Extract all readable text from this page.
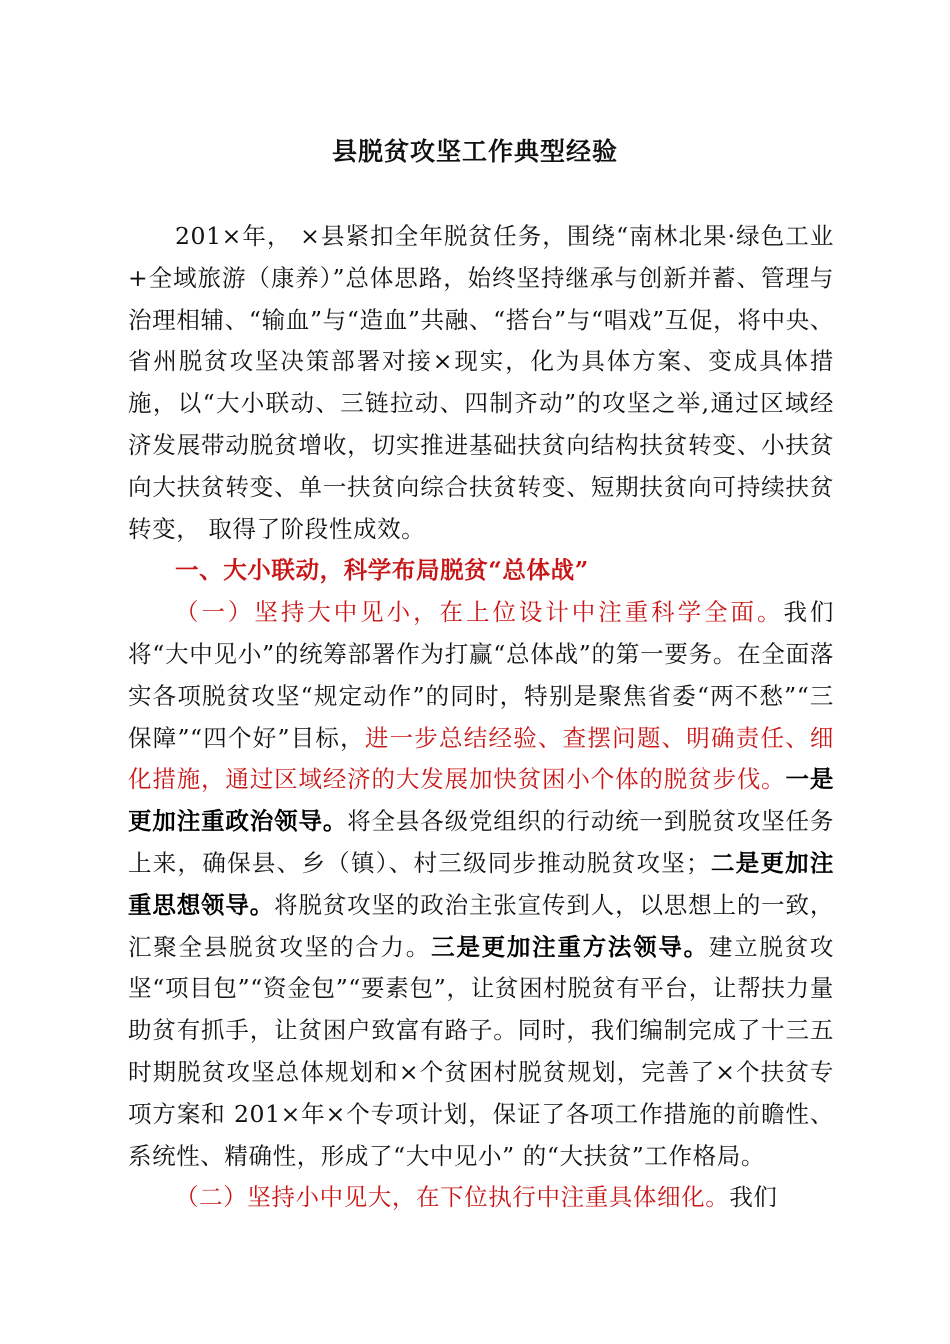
县脱贫攻坚工作典型经验

201×年， ×县紧扣全年脱贫任务，围绕“南林北果·绿色工业+全域旅游（康养）”总体思路，始终坚持继承与创新并蓄、管理与治理相辅、“输血”与“造血”共融、“搭台”与“唱戏”互促，将中央、省州脱贫攻坚决策部署对接×现实，化为具体方案、变成具体措施，以“大小联动、三链拉动、四制齐动”的攻坚之举,通过区域经济发展带动脱贫增收，切实推进基础扶贫向结构扶贫转变、小扶贫向大扶贫转变、单一扶贫向综合扶贫转变、短期扶贫向可持续扶贫转变， 取得了阶段性成效。

一、大小联动，科学布局脱贫“总体战”

（一）坚持大中见小，在上位设计中注重科学全面。我们将“大中见小”的统筹部署作为打赢“总体战”的第一要务。在全面落实各项脱贫攻坚“规定动作”的同时，特别是聚焦省委“两不愁”“三保障”“四个好”目标，进一步总结经验、查摆问题、明确责任、细化措施，通过区域经济的大发展加快贫困小个体的脱贫步伐。一是更加注重政治领导。将全县各级党组织的行动统一到脱贫攻坚任务上来，确保县、乡（镇）、村三级同步推动脱贫攻坚；二是更加注重思想领导。将脱贫攻坚的政治主张宣传到人，以思想上的一致， 汇聚全县脱贫攻坚的合力。三是更加注重方法领导。建立脱贫攻坚“项目包”“资金包”“要素包”，让贫困村脱贫有平台，让帮扶力量助贫有抓手，让贫困户致富有路子。同时，我们编制完成了十三五时期脱贫攻坚总体规划和×个贫困村脱贫规划，完善了×个扶贫专项方案和 201×年×个专项计划，保证了各项工作措施的前瞻性、系统性、精确性，形成了“大中见小” 的“大扶贫”工作格局。

（二）坚持小中见大，在下位执行中注重具体细化。我们
